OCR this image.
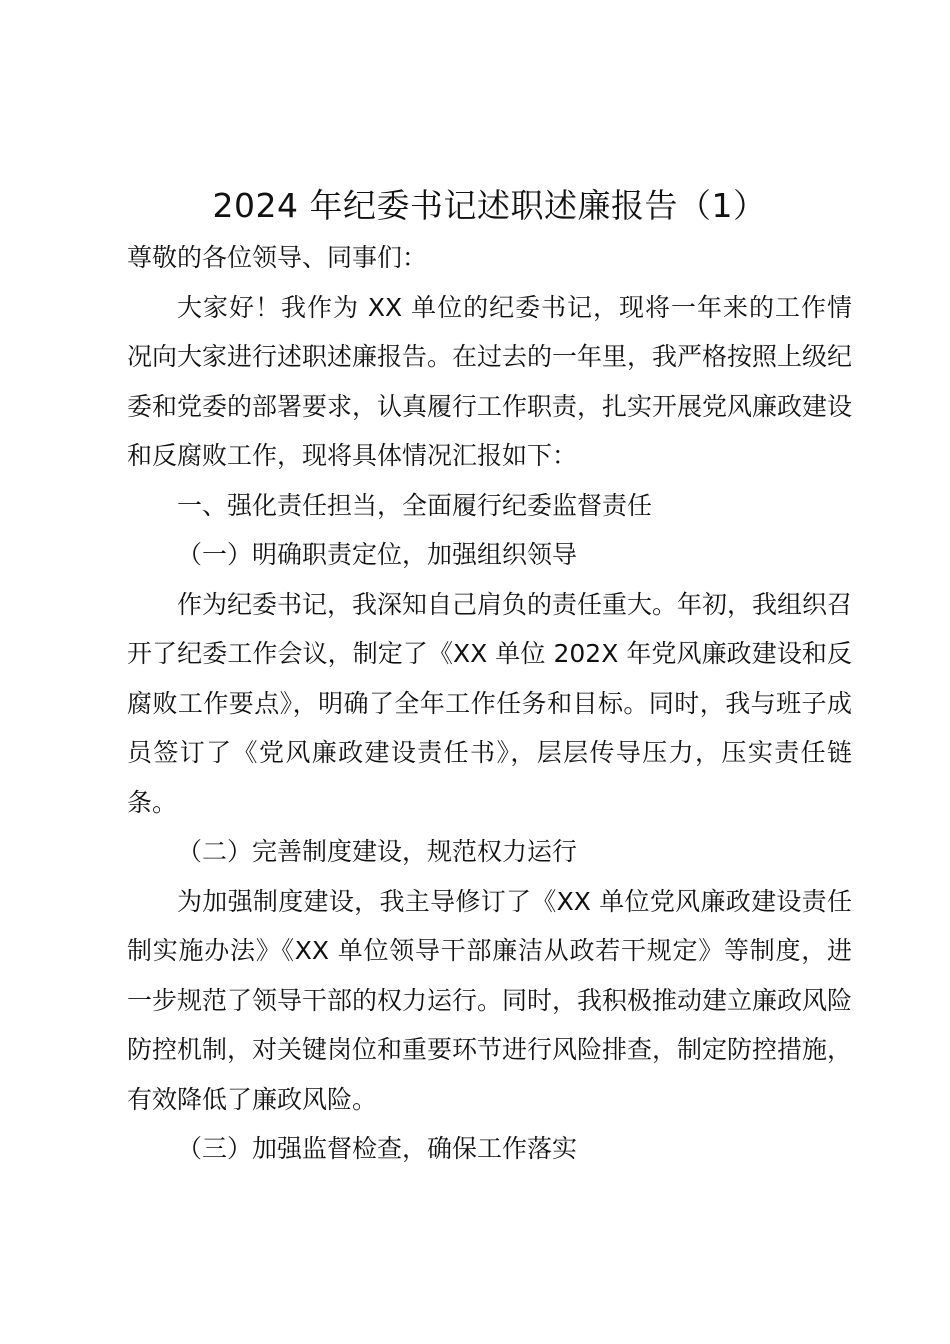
2024 年纪委书记述职述廉报告（1）

尊敬的各位领导、同事们：

大家好！我作为 XX 单位的纪委书记，现将一年来的工作情况向大家进行述职述廉报告。在过去的一年里，我严格按照上级纪委和党委的部署要求，认真履行工作职责，扎实开展党风廉政建设和反腐败工作，现将具体情况汇报如下：

一、强化责任担当，全面履行纪委监督责任

（一）明确职责定位，加强组织领导

作为纪委书记，我深知自己肩负的责任重大。年初，我组织召开了纪委工作会议，制定了《XX 单位 202X 年党风廉政建设和反腐败工作要点》，明确了全年工作任务和目标。同时，我与班子成员签订了《党风廉政建设责任书》，层层传导压力，压实责任链条。

（二）完善制度建设，规范权力运行

为加强制度建设，我主导修订了《XX 单位党风廉政建设责任制实施办法》《XX 单位领导干部廉洁从政若干规定》等制度，进一步规范了领导干部的权力运行。同时，我积极推动建立廉政风险防控机制，对关键岗位和重要环节进行风险排查，制定防控措施，有效降低了廉政风险。

（三）加强监督检查，确保工作落实
